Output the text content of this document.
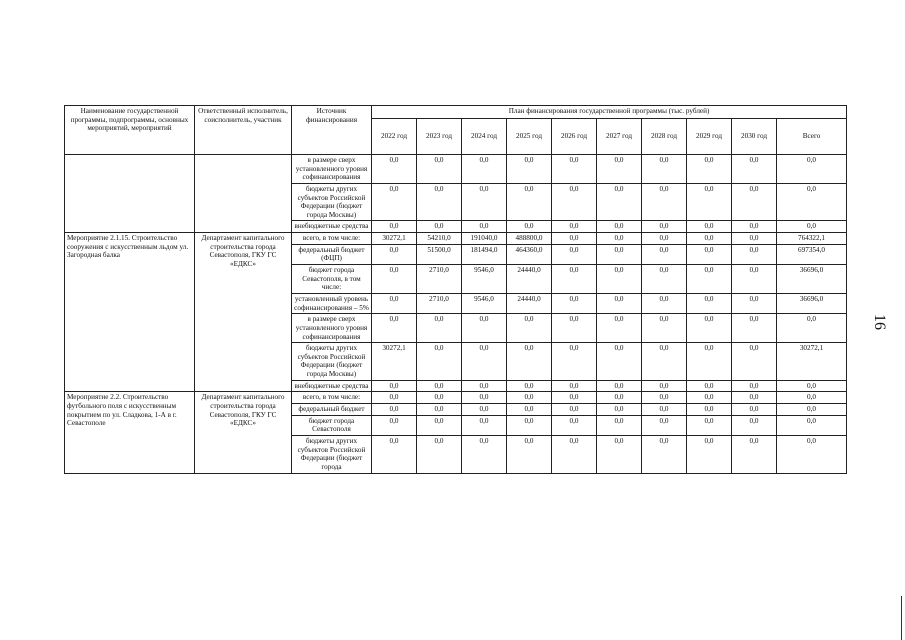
Наименование государственной программы, подпрограммы, основных мероприятий, мероприятий	Ответственный исполнитель, соисполнитель, участник	Источник финансирования	План финансирования государственной программы (тыс. рублей)									
			2022 год	2023 год	2024 год	2025 год	2026 год	2027 год	2028 год	2029 год	2030 год	Всего
		в размере сверх установленного уровня софинансирования	0,0	0,0	0,0	0,0	0,0	0,0	0,0	0,0	0,0	0,0
		бюджеты других субъектов Российской Федерации (бюджет города Москвы)	0,0	0,0	0,0	0,0	0,0	0,0	0,0	0,0	0,0	0,0
		внебюджетные средства	0,0	0,0	0,0	0,0	0,0	0,0	0,0	0,0	0,0	0,0
Мероприятие 2.1.15. Строительство сооружения с искусственным льдом ул. Загородная балка	Департамент капитального строительства города Севастополя, ГКУ ГС «ЕДКС»	всего, в том числе:	30272,1	54210,0	191040,0	488800,0	0,0	0,0	0,0	0,0	0,0	764322,1
		федеральный бюджет (ФЦП)	0,0	51500,0	181494,0	464360,0	0,0	0,0	0,0	0,0	0,0	697354,0
		бюджет города Севастополя, в том числе:	0,0	2710,0	9546,0	24440,0	0,0	0,0	0,0	0,0	0,0	36696,0
		установленный уровень софинансирования – 5%	0,0	2710,0	9546,0	24440,0	0,0	0,0	0,0	0,0	0,0	36696,0
		в размере сверх установленного уровня софинансирования	0,0	0,0	0,0	0,0	0,0	0,0	0,0	0,0	0,0	0,0
		бюджеты других субъектов Российской Федерации (бюджет города Москвы)	30272,1	0,0	0,0	0,0	0,0	0,0	0,0	0,0	0,0	30272,1
		внебюджетные средства	0,0	0,0	0,0	0,0	0,0	0,0	0,0	0,0	0,0	0,0
Мероприятие 2.2. Строительство футбольного поля с искусственным покрытием по ул. Сладкова, 1-А в г. Севастополе	Департамент капитального строительства города Севастополя, ГКУ ГС «ЕДКС»	всего, в том числе:	0,0	0,0	0,0	0,0	0,0	0,0	0,0	0,0	0,0	0,0
		федеральный бюджет	0,0	0,0	0,0	0,0	0,0	0,0	0,0	0,0	0,0	0,0
		бюджет города Севастополя	0,0	0,0	0,0	0,0	0,0	0,0	0,0	0,0	0,0	0,0
		бюджеты других субъектов Российской Федерации (бюджет города	0,0	0,0	0,0	0,0	0,0	0,0	0,0	0,0	0,0	0,0
16
